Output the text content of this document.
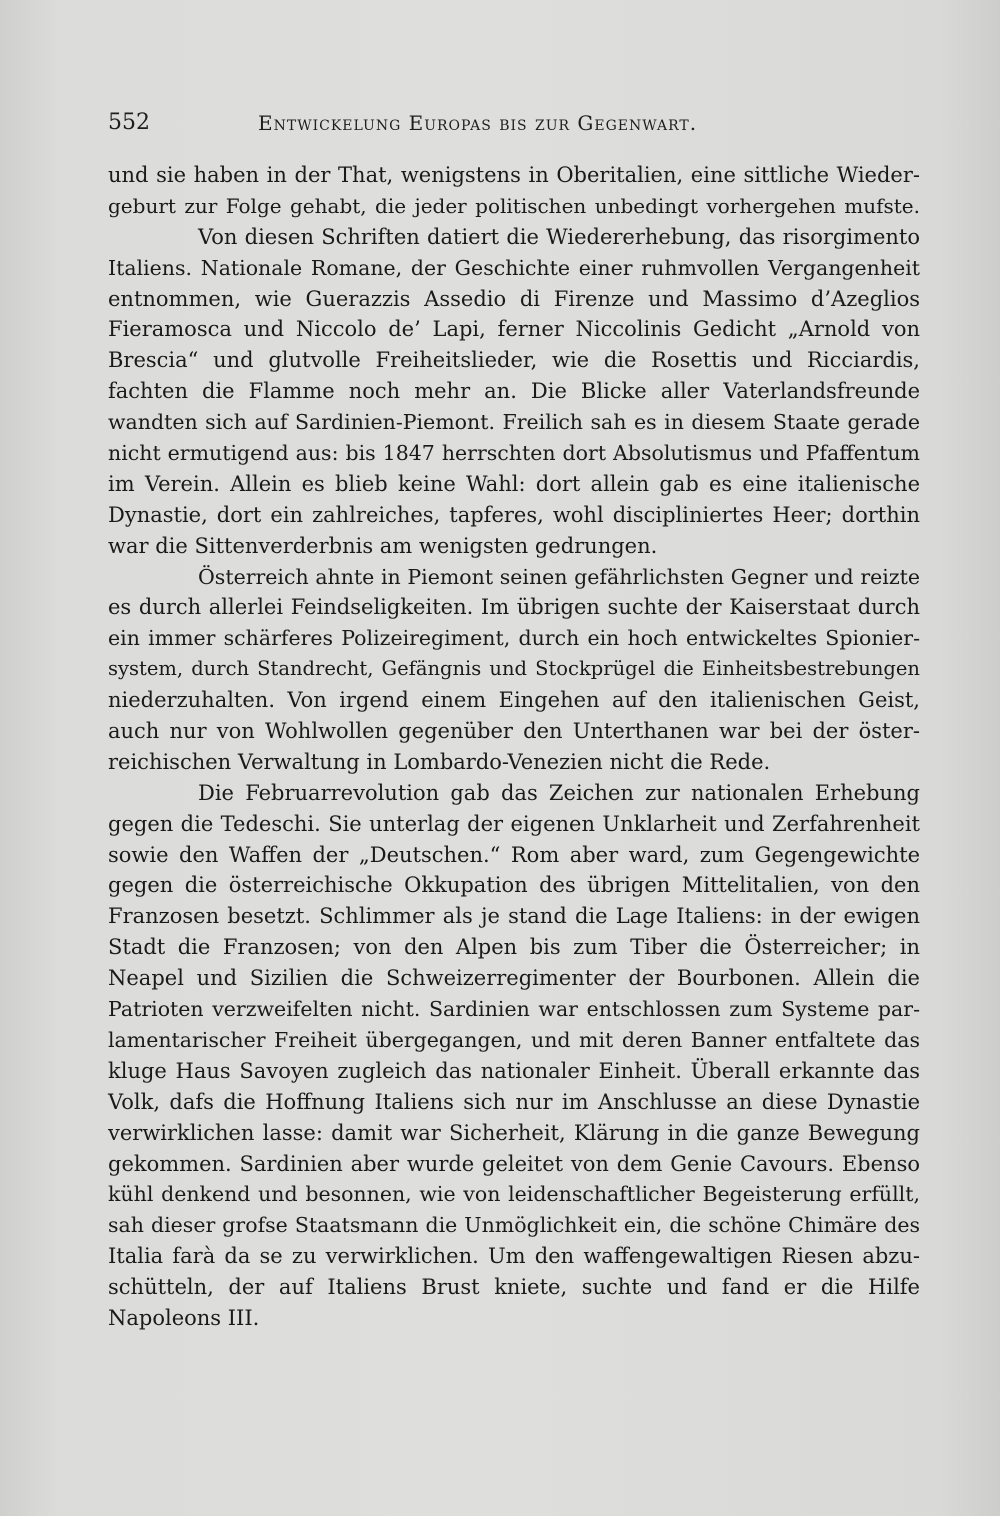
552	Entwickelung Europas bis zur Gegenwart.
und sie haben in der That, wenigstens in Oberitalien, eine sittliche Wieder-
geburt zur Folge gehabt, die jeder politischen unbedingt vorhergehen mufste.
Von diesen Schriften datiert die Wiedererhebung, das risorgimento
Italiens. Nationale Romane, der Geschichte einer ruhmvollen Vergangenheit
entnommen, wie Guerazzis Assedio di Firenze und Massimo d’Azeglios
Fieramosca und Niccolo de’ Lapi, ferner Niccolinis Gedicht „Arnold von
Brescia“ und glutvolle Freiheitslieder, wie die Rosettis und Ricciardis,
fachten die Flamme noch mehr an. Die Blicke aller Vaterlandsfreunde
wandten sich auf Sardinien-Piemont. Freilich sah es in diesem Staate gerade
nicht ermutigend aus: bis 1847 herrschten dort Absolutismus und Pfaffentum
im Verein. Allein es blieb keine Wahl: dort allein gab es eine italienische
Dynastie, dort ein zahlreiches, tapferes, wohl discipliniertes Heer; dorthin
war die Sittenverderbnis am wenigsten gedrungen.
Österreich ahnte in Piemont seinen gefährlichsten Gegner und reizte
es durch allerlei Feindseligkeiten. Im übrigen suchte der Kaiserstaat durch
ein immer schärferes Polizeiregiment, durch ein hoch entwickeltes Spionier-
system, durch Standrecht, Gefängnis und Stockprügel die Einheitsbestrebungen
niederzuhalten. Von irgend einem Eingehen auf den italienischen Geist,
auch nur von Wohlwollen gegenüber den Unterthanen war bei der öster-
reichischen Verwaltung in Lombardo-Venezien nicht die Rede.
Die Februarrevolution gab das Zeichen zur nationalen Erhebung
gegen die Tedeschi. Sie unterlag der eigenen Unklarheit und Zerfahrenheit
sowie den Waffen der „Deutschen.“ Rom aber ward, zum Gegengewichte
gegen die österreichische Okkupation des übrigen Mittelitalien, von den
Franzosen besetzt. Schlimmer als je stand die Lage Italiens: in der ewigen
Stadt die Franzosen; von den Alpen bis zum Tiber die Österreicher; in
Neapel und Sizilien die Schweizerregimenter der Bourbonen. Allein die
Patrioten verzweifelten nicht. Sardinien war entschlossen zum Systeme par-
lamentarischer Freiheit übergegangen, und mit deren Banner entfaltete das
kluge Haus Savoyen zugleich das nationaler Einheit. Überall erkannte das
Volk, dafs die Hoffnung Italiens sich nur im Anschlusse an diese Dynastie
verwirklichen lasse: damit war Sicherheit, Klärung in die ganze Bewegung
gekommen. Sardinien aber wurde geleitet von dem Genie Cavours. Ebenso
kühl denkend und besonnen, wie von leidenschaftlicher Begeisterung erfüllt,
sah dieser grofse Staatsmann die Unmöglichkeit ein, die schöne Chimäre des
Italia farà da se zu verwirklichen. Um den waffengewaltigen Riesen abzu-
schütteln, der auf Italiens Brust kniete, suchte und fand er die Hilfe
Napoleons III.
